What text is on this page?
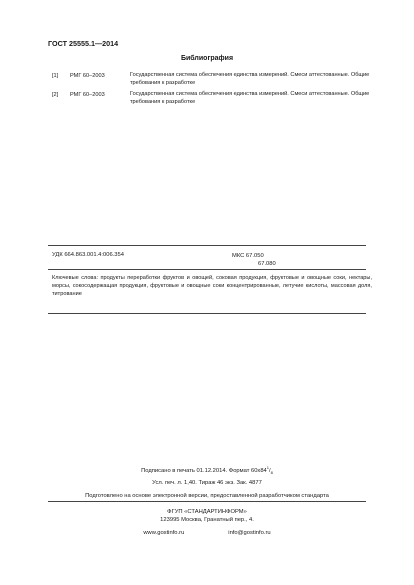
ГОСТ 25555.1—2014
Библиография
[1] РМГ 60–2003	Государственная система обеспечения единства измерений. Смеси аттестованные. Общие требования к разработке
[2] РМГ 60–2003	Государственная система обеспечения единства измерений. Смеси аттестованные. Общие требования к разработке
УДК 664.863.001.4:006.354	МКС 67.050
67.080
Ключевые слова: продукты переработки фруктов и овощей, соковая продукция, фруктовые и овощные соки, нектары, морсы, сокосодержащая продукция, фруктовые и овощные соки концентрированные, летучие кислоты, массовая доля, титрование
Подписано в печать 01.12.2014. Формат $60x84^1/_8$
Усл. печ. л. 1,40. Тираж 46 экз. Зак. 4877
Подготовлено на основе электронной версии, предоставленной разработчиком стандарта
ФГУП «СТАНДАРТИНФОРМ»
123995 Москва, Гранатный пер., 4.
www.gostinfo.ru	info@gostinfo.ru
